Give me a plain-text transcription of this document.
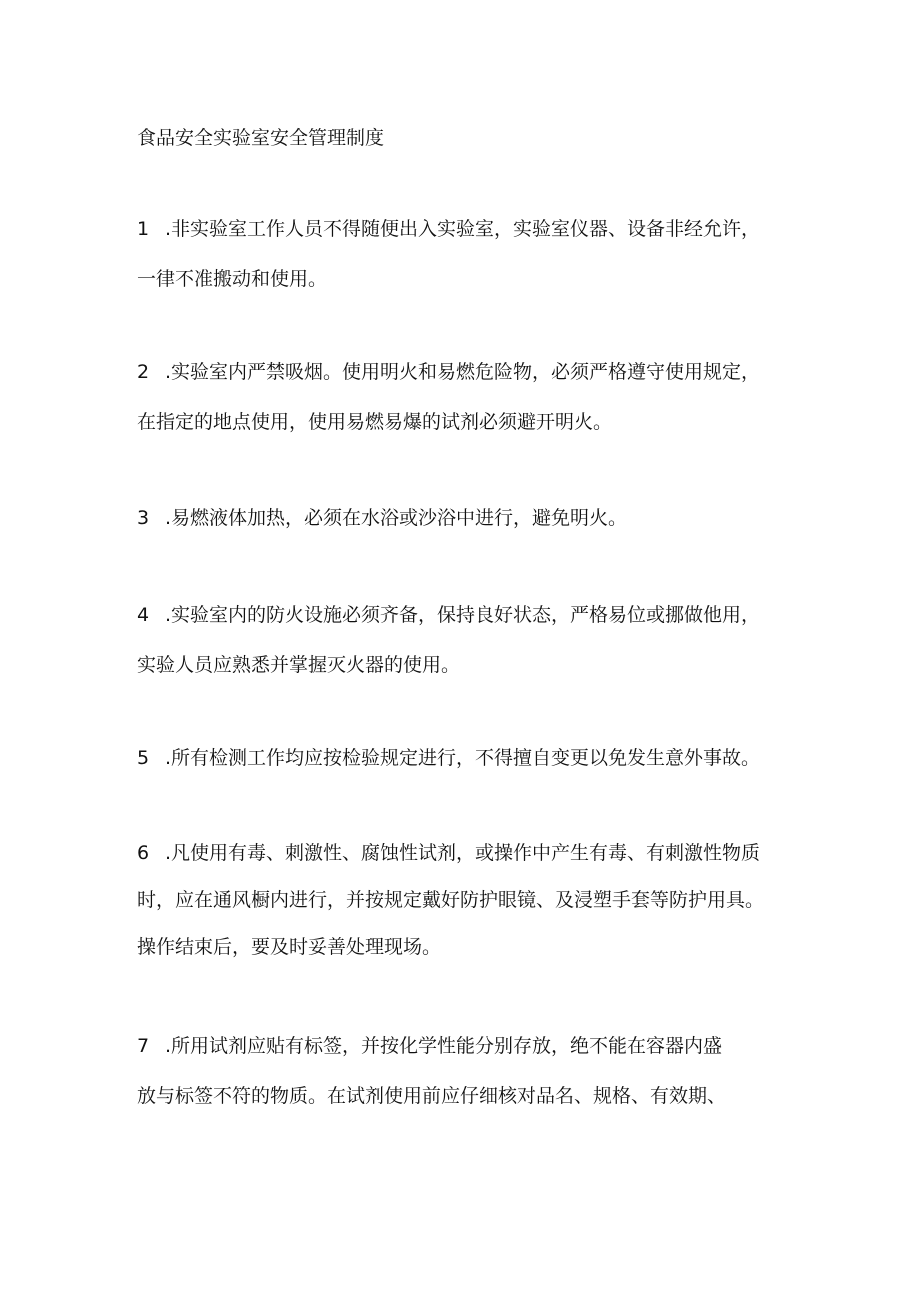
食品安全实验室安全管理制度
1 .非实验室工作人员不得随便出入实验室，实验室仪器、设备非经允许，
一律不准搬动和使用。
2 .实验室内严禁吸烟。使用明火和易燃危险物，必须严格遵守使用规定，
在指定的地点使用，使用易燃易爆的试剂必须避开明火。
3 .易燃液体加热，必须在水浴或沙浴中进行，避免明火。
4 .实验室内的防火设施必须齐备，保持良好状态，严格易位或挪做他用，
实验人员应熟悉并掌握灭火器的使用。
5 .所有检测工作均应按检验规定进行，不得擅自变更以免发生意外事故。
6 .凡使用有毒、刺激性、腐蚀性试剂，或操作中产生有毒、有刺激性物质
时，应在通风橱内进行，并按规定戴好防护眼镜、及浸塑手套等防护用具。
操作结束后，要及时妥善处理现场。
7 .所用试剂应贴有标签，并按化学性能分别存放，绝不能在容器内盛
放与标签不符的物质。在试剂使用前应仔细核对品名、规格、有效期、
